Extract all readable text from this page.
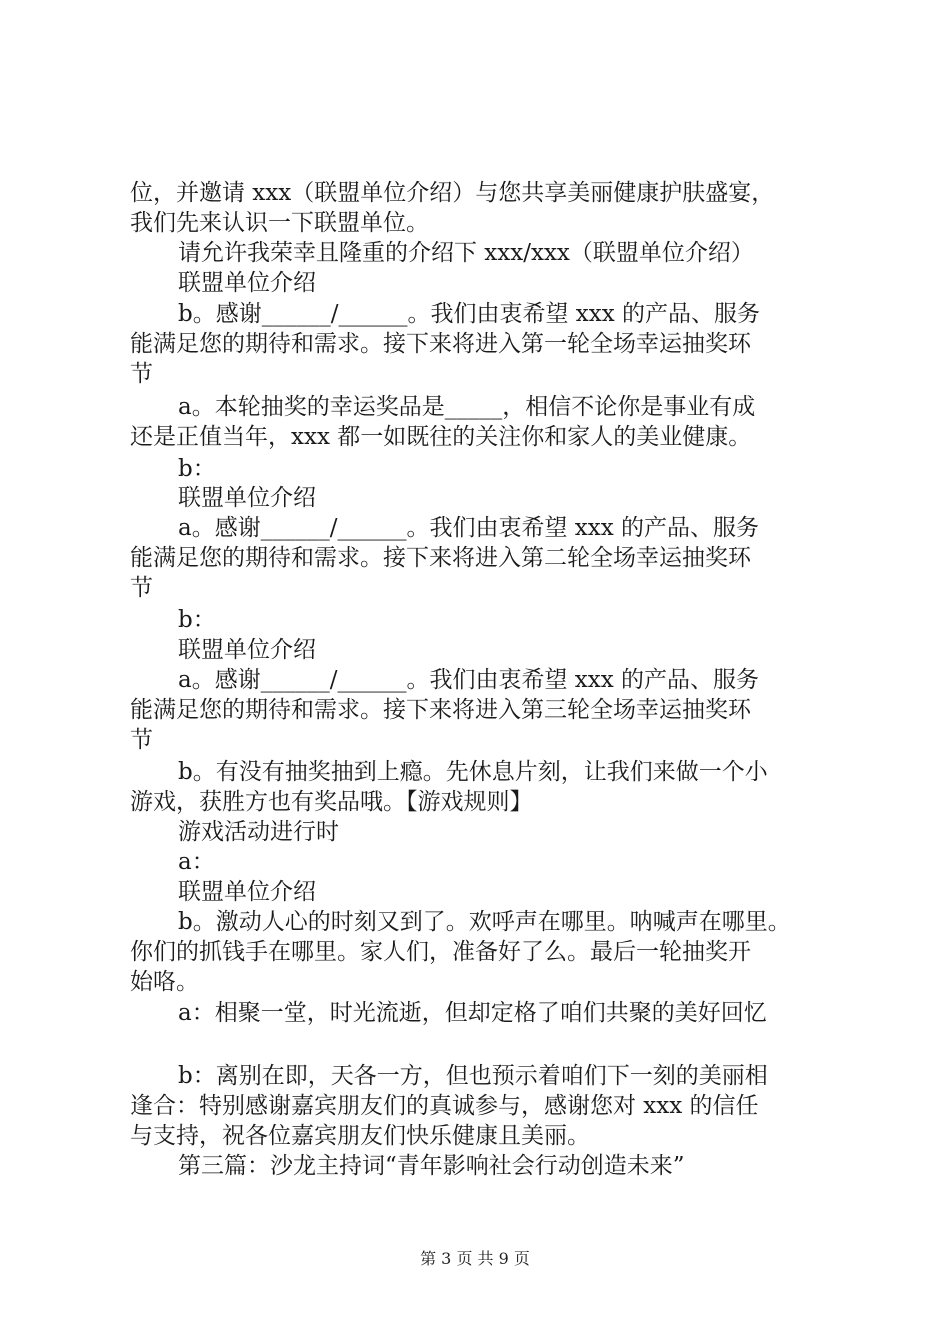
位，并邀请 xxx（联盟单位介绍）与您共享美丽健康护肤盛宴，
我们先来认识一下联盟单位。
请允许我荣幸且隆重的介绍下 xxx/xxx（联盟单位介绍）
联盟单位介绍
b。感谢______/______。我们由衷希望 xxx 的产品、服务
能满足您的期待和需求。接下来将进入第一轮全场幸运抽奖环
节
a。本轮抽奖的幸运奖品是_____，相信不论你是事业有成
还是正值当年，xxx 都一如既往的关注你和家人的美业健康。
b：
联盟单位介绍
a。感谢______/______。我们由衷希望 xxx 的产品、服务
能满足您的期待和需求。接下来将进入第二轮全场幸运抽奖环
节
b：
联盟单位介绍
a。感谢______/______。我们由衷希望 xxx 的产品、服务
能满足您的期待和需求。接下来将进入第三轮全场幸运抽奖环
节
b。有没有抽奖抽到上瘾。先休息片刻，让我们来做一个小
游戏，获胜方也有奖品哦。【游戏规则】
游戏活动进行时
a：
联盟单位介绍
b。激动人心的时刻又到了。欢呼声在哪里。呐喊声在哪里。
你们的抓钱手在哪里。家人们，准备好了么。最后一轮抽奖开
始咯。
a：相聚一堂，时光流逝，但却定格了咱们共聚的美好回忆
b：离别在即，天各一方，但也预示着咱们下一刻的美丽相
逢合：特别感谢嘉宾朋友们的真诚参与，感谢您对 xxx 的信任
与支持，祝各位嘉宾朋友们快乐健康且美丽。
第三篇：沙龙主持词“青年影响社会行动创造未来”
第 3 页 共 9 页
